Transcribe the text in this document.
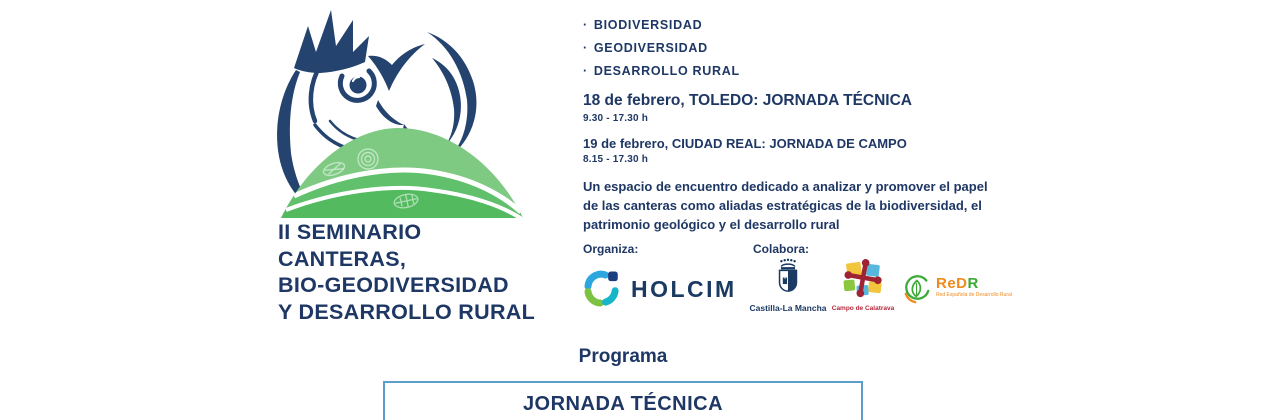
II SEMINARIO
CANTERAS,
BIO-GEODIVERSIDAD
Y DESARROLLO RURAL
· BIODIVERSIDAD
· GEODIVERSIDAD
· DESARROLLO RURAL
18 de febrero, TOLEDO: JORNADA TÉCNICA
9.30 - 17.30 h
19 de febrero, CIUDAD REAL: JORNADA DE CAMPO
8.15 - 17.30 h
Un espacio de encuentro dedicado a analizar y promover el papel
de las canteras como aliadas estratégicas de la biodiversidad, el
patrimonio geológico y el desarrollo rural
Organiza:	Colabora:
HOLCIM
Castilla-La Mancha Campo de Calatrava
ReDR
Red Española de Desarrollo Rural
Programa
JORNADA TÉCNICA
